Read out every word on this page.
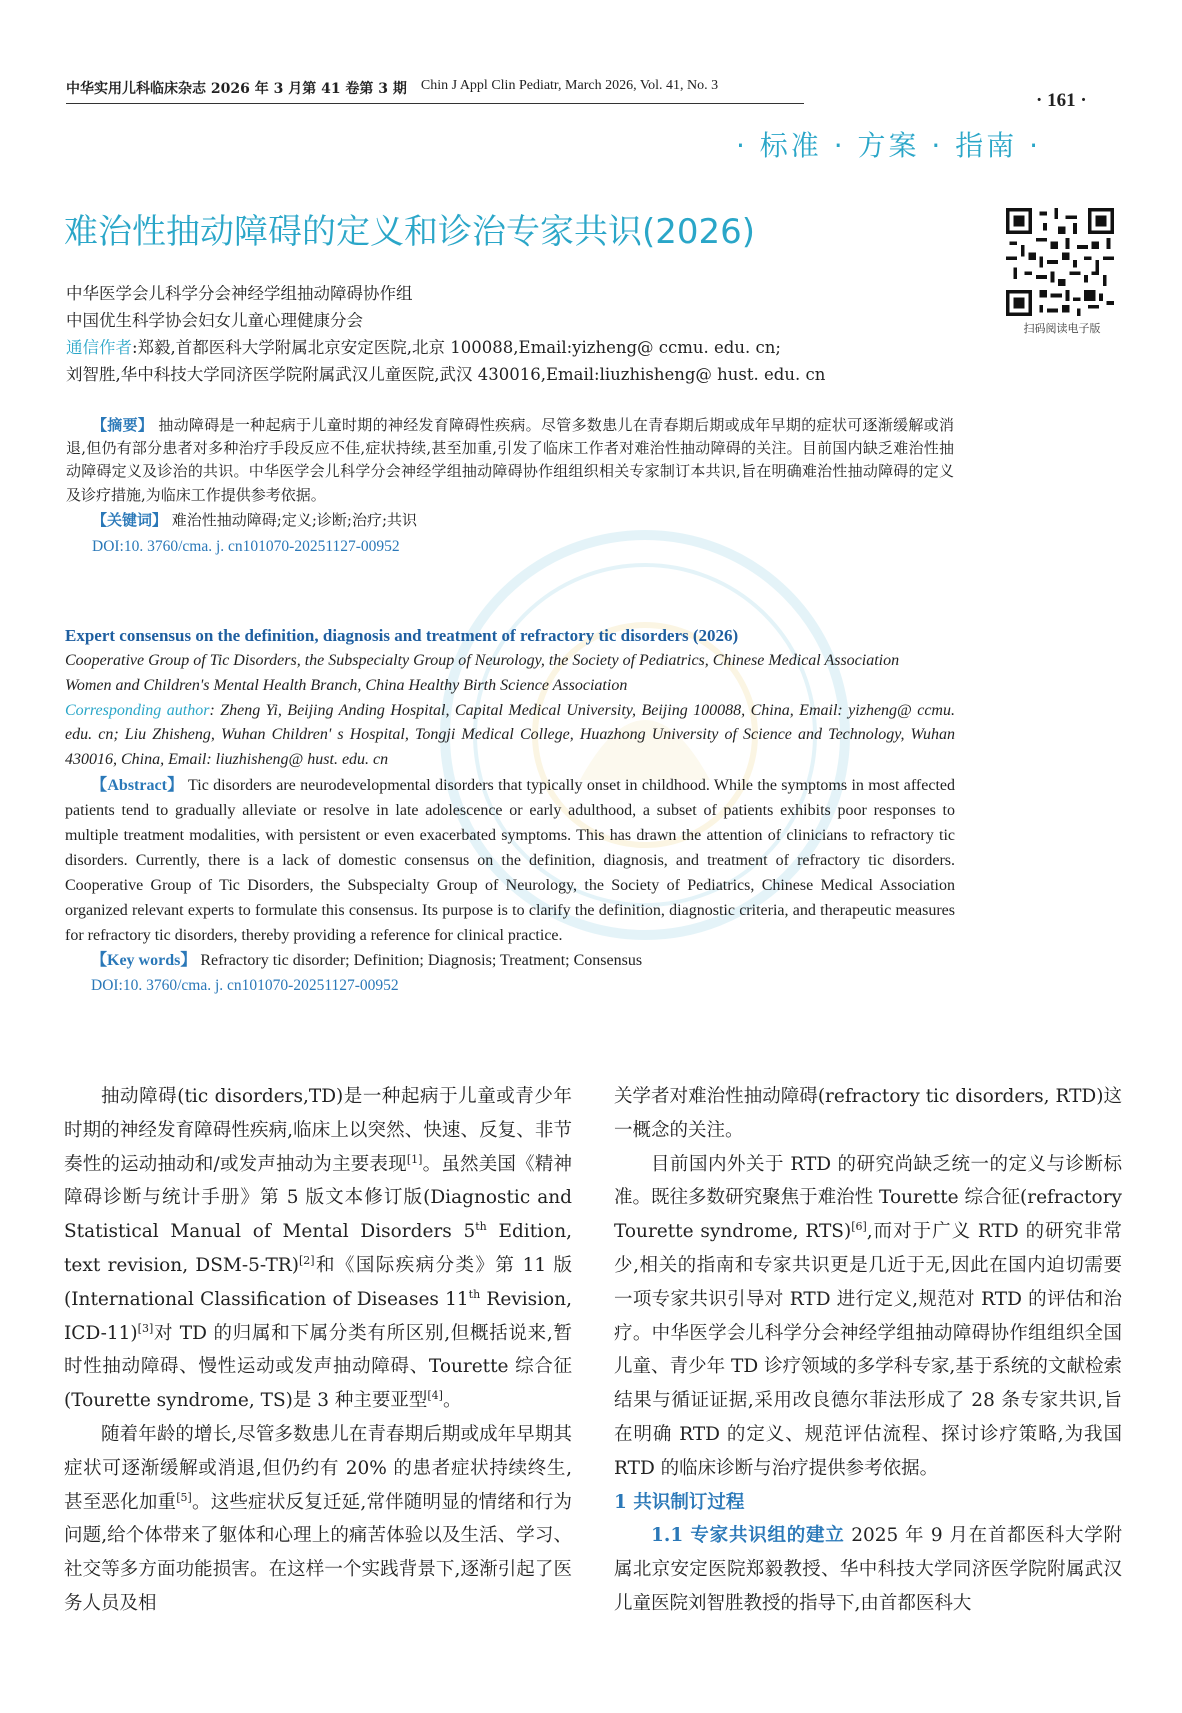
中华实用儿科临床杂志 2026 年 3 月第 41 卷第 3 期 Chin J Appl Clin Pediatr, March 2026, Vol. 41, No. 3
· 161 ·
· 标准 · 方案 · 指南 ·
难治性抽动障碍的定义和诊治专家共识(2026)
扫码阅读电子版
中华医学会儿科学分会神经学组抽动障碍协作组
中国优生科学协会妇女儿童心理健康分会
通信作者:郑毅,首都医科大学附属北京安定医院,北京 100088,Email:yizheng@ ccmu. edu. cn;
刘智胜,华中科技大学同济医学院附属武汉儿童医院,武汉 430016,Email:liuzhisheng@ hust. edu. cn
【摘要】 抽动障碍是一种起病于儿童时期的神经发育障碍性疾病。尽管多数患儿在青春期后期或成年早期的症状可逐渐缓解或消退,但仍有部分患者对多种治疗手段反应不佳,症状持续,甚至加重,引发了临床工作者对难治性抽动障碍的关注。目前国内缺乏难治性抽动障碍定义及诊治的共识。中华医学会儿科学分会神经学组抽动障碍协作组组织相关专家制订本共识,旨在明确难治性抽动障碍的定义及诊疗措施,为临床工作提供参考依据。
【关键词】 难治性抽动障碍;定义;诊断;治疗;共识
DOI:10. 3760/cma. j. cn101070-20251127-00952
Expert consensus on the definition, diagnosis and treatment of refractory tic disorders (2026)
Cooperative Group of Tic Disorders, the Subspecialty Group of Neurology, the Society of Pediatrics, Chinese Medical Association
Women and Children's Mental Health Branch, China Healthy Birth Science Association
Corresponding author: Zheng Yi, Beijing Anding Hospital, Capital Medical University, Beijing 100088, China, Email: yizheng@ ccmu. edu. cn; Liu Zhisheng, Wuhan Children' s Hospital, Tongji Medical College, Huazhong University of Science and Technology, Wuhan 430016, China, Email: liuzhisheng@ hust. edu. cn
【Abstract】 Tic disorders are neurodevelopmental disorders that typically onset in childhood. While the symptoms in most affected patients tend to gradually alleviate or resolve in late adolescence or early adulthood, a subset of patients exhibits poor responses to multiple treatment modalities, with persistent or even exacerbated symptoms. This has drawn the attention of clinicians to refractory tic disorders. Currently, there is a lack of domestic consensus on the definition, diagnosis, and treatment of refractory tic disorders. Cooperative Group of Tic Disorders, the Subspecialty Group of Neurology, the Society of Pediatrics, Chinese Medical Association organized relevant experts to formulate this consensus. Its purpose is to clarify the definition, diagnostic criteria, and therapeutic measures for refractory tic disorders, thereby providing a reference for clinical practice.
【Key words】 Refractory tic disorder; Definition; Diagnosis; Treatment; Consensus
DOI:10. 3760/cma. j. cn101070-20251127-00952

抽动障碍(tic disorders,TD)是一种起病于儿童或青少年时期的神经发育障碍性疾病,临床上以突然、快速、反复、非节奏性的运动抽动和/或发声抽动为主要表现[1]。虽然美国《精神障碍诊断与统计手册》第 5 版文本修订版(Diagnostic and Statistical Manual of Mental Disorders 5th Edition, text revision, DSM-5-TR)[2]和《国际疾病分类》第 11 版(International Classification of Diseases 11th Revision, ICD-11)[3]对 TD 的归属和下属分类有所区别,但概括说来,暂时性抽动障碍、慢性运动或发声抽动障碍、Tourette 综合征(Tourette syndrome, TS)是 3 种主要亚型[4]。

随着年龄的增长,尽管多数患儿在青春期后期或成年早期其症状可逐渐缓解或消退,但仍约有 20% 的患者症状持续终生,甚至恶化加重[5]。这些症状反复迁延,常伴随明显的情绪和行为问题,给个体带来了躯体和心理上的痛苦体验以及生活、学习、社交等多方面功能损害。在这样一个实践背景下,逐渐引起了医务人员及相

关学者对难治性抽动障碍(refractory tic disorders, RTD)这一概念的关注。

目前国内外关于 RTD 的研究尚缺乏统一的定义与诊断标准。既往多数研究聚焦于难治性 Tourette 综合征(refractory Tourette syndrome, RTS)[6],而对于广义 RTD 的研究非常少,相关的指南和专家共识更是几近于无,因此在国内迫切需要一项专家共识引导对 RTD 进行定义,规范对 RTD 的评估和治疗。中华医学会儿科学分会神经学组抽动障碍协作组组织全国儿童、青少年 TD 诊疗领域的多学科专家,基于系统的文献检索结果与循证证据,采用改良德尔菲法形成了 28 条专家共识,旨在明确 RTD 的定义、规范评估流程、探讨诊疗策略,为我国 RTD 的临床诊断与治疗提供参考依据。

1 共识制订过程

1.1 专家共识组的建立 2025 年 9 月在首都医科大学附属北京安定医院郑毅教授、华中科技大学同济医学院附属武汉儿童医院刘智胜教授的指导下,由首都医科大
